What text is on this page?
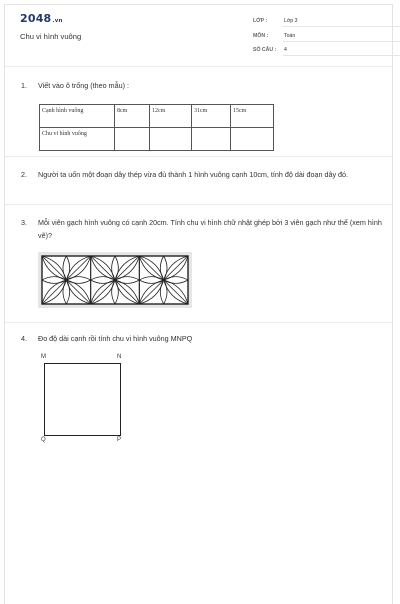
2048.vn
Chu vi hình vuông
LỚP :	Lớp 3
MÔN :	Toán
SỐ CÂU : 4
1. Viết vào ô trống (theo mẫu) :
Cạnh hình vuông	8cm	12cm	31cm	15cm
Chu vi hình vuông				
2. Người ta uốn một đoạn dây thép vừa đủ thành 1 hình vuông cạnh 10cm, tính độ dài đoạn dây đó.
3. Mỗi viên gạch hình vuông có cạnh 20cm. Tính chu vi hình chữ nhật ghép bởi 3 viên gạch như thế (xem hình vẽ)?
4. Đo độ dài cạnh rồi tính chu vi hình vuông MNPQ
M	N
P
Q
